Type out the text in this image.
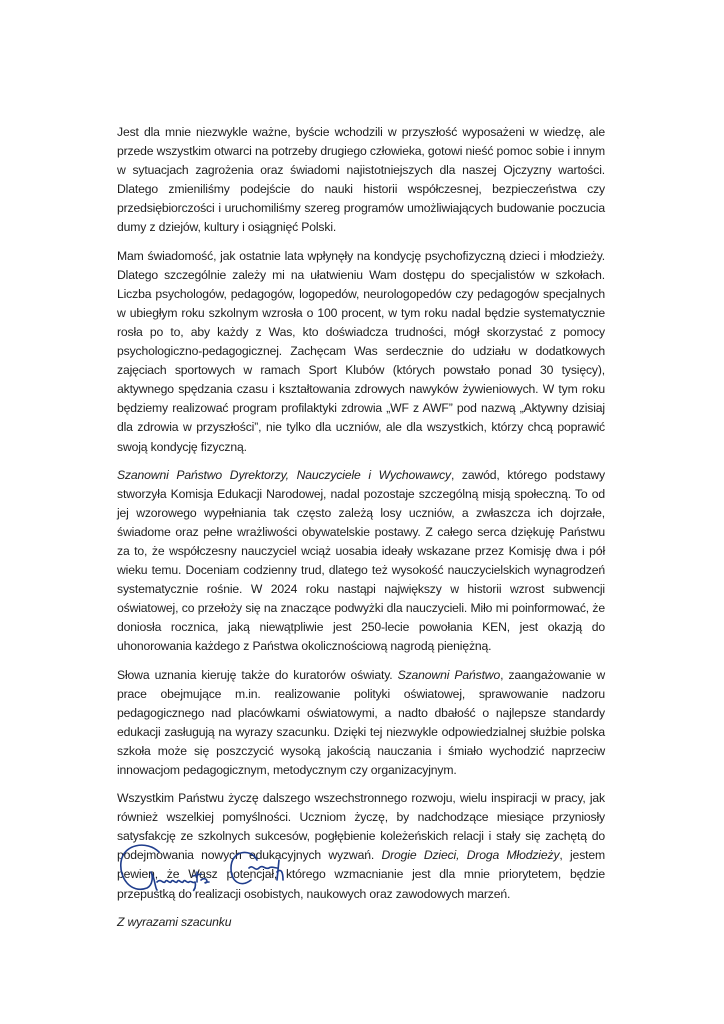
Jest dla mnie niezwykle ważne, byście wchodzili w przyszłość wyposażeni w wiedzę, ale przede wszystkim otwarci na potrzeby drugiego człowieka, gotowi nieść pomoc sobie i innym w sytuacjach zagrożenia oraz świadomi najistotniejszych dla naszej Ojczyzny wartości. Dlatego zmieniliśmy podejście do nauki historii współczesnej, bezpieczeństwa czy przedsiębiorczości i uruchomiliśmy szereg programów umożliwiających budowanie poczucia dumy z dziejów, kultury i osiągnięć Polski.

Mam świadomość, jak ostatnie lata wpłynęły na kondycję psychofizyczną dzieci i młodzieży. Dlatego szczególnie zależy mi na ułatwieniu Wam dostępu do specjalistów w szkołach. Liczba psychologów, pedagogów, logopedów, neurologopedów czy pedagogów specjalnych w ubiegłym roku szkolnym wzrosła o 100 procent, w tym roku nadal będzie systematycznie rosła po to, aby każdy z Was, kto doświadcza trudności, mógł skorzystać z pomocy psychologiczno-pedagogicznej. Zachęcam Was serdecznie do udziału w dodatkowych zajęciach sportowych w ramach Sport Klubów (których powstało ponad 30 tysięcy), aktywnego spędzania czasu i kształtowania zdrowych nawyków żywieniowych. W tym roku będziemy realizować program profilaktyki zdrowia „WF z AWF” pod nazwą „Aktywny dzisiaj dla zdrowia w przyszłości”, nie tylko dla uczniów, ale dla wszystkich, którzy chcą poprawić swoją kondycję fizyczną.

Szanowni Państwo Dyrektorzy, Nauczyciele i Wychowawcy, zawód, którego podstawy stworzyła Komisja Edukacji Narodowej, nadal pozostaje szczególną misją społeczną. To od jej wzorowego wypełniania tak często zależą losy uczniów, a zwłaszcza ich dojrzałe, świadome oraz pełne wrażliwości obywatelskie postawy. Z całego serca dziękuję Państwu za to, że współczesny nauczyciel wciąż uosabia ideały wskazane przez Komisję dwa i pół wieku temu. Doceniam codzienny trud, dlatego też wysokość nauczycielskich wynagrodzeń systematycznie rośnie. W 2024 roku nastąpi największy w historii wzrost subwencji oświatowej, co przełoży się na znaczące podwyżki dla nauczycieli. Miło mi poinformować, że doniosła rocznica, jaką niewątpliwie jest 250-lecie powołania KEN, jest okazją do uhonorowania każdego z Państwa okolicznościową nagrodą pieniężną.

Słowa uznania kieruję także do kuratorów oświaty. Szanowni Państwo, zaangażowanie w prace obejmujące m.in. realizowanie polityki oświatowej, sprawowanie nadzoru pedagogicznego nad placówkami oświatowymi, a nadto dbałość o najlepsze standardy edukacji zasługują na wyrazy szacunku. Dzięki tej niezwykle odpowiedzialnej służbie polska szkoła może się poszczycić wysoką jakością nauczania i śmiało wychodzić naprzeciw innowacjom pedagogicznym, metodycznym czy organizacyjnym.

Wszystkim Państwu życzę dalszego wszechstronnego rozwoju, wielu inspiracji w pracy, jak również wszelkiej pomyślności. Uczniom życzę, by nadchodzące miesiące przyniosły satysfakcję ze szkolnych sukcesów, pogłębienie koleżeńskich relacji i stały się zachętą do podejmowania nowych edukacyjnych wyzwań. Drogie Dzieci, Droga Młodzieży, jestem pewien, że Wasz potencjał, którego wzmacnianie jest dla mnie priorytetem, będzie przepustką do realizacji osobistych, naukowych oraz zawodowych marzeń.

Z wyrazami szacunku
